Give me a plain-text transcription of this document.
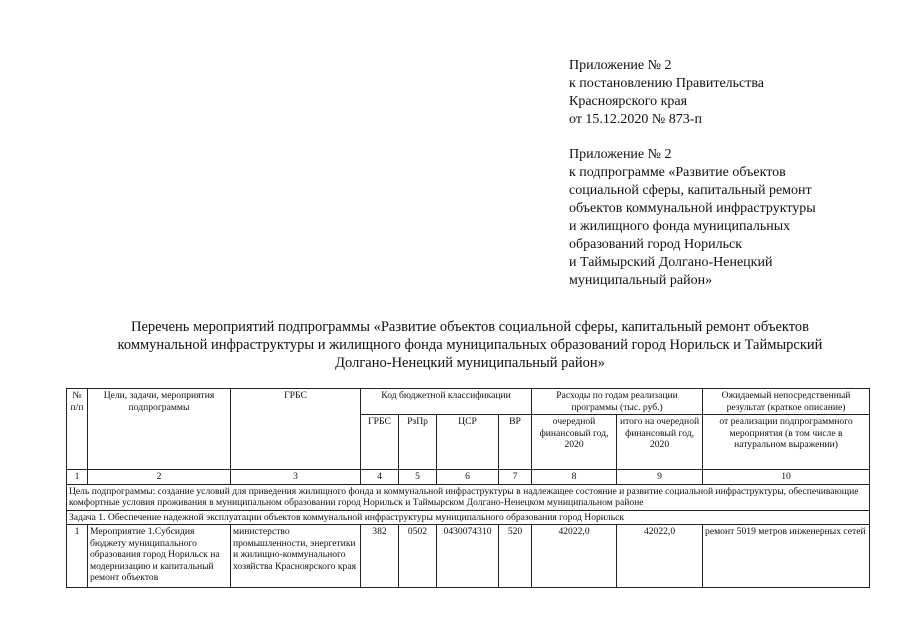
Приложение № 2
к постановлению Правительства
Красноярского края
от 15.12.2020 № 873-п
Приложение № 2
к подпрограмме «Развитие объектов
социальной сферы, капитальный ремонт
объектов коммунальной инфраструктуры
и жилищного фонда муниципальных
образований город Норильск
и Таймырский Долгано-Ненецкий
муниципальный район»
Перечень мероприятий подпрограммы «Развитие объектов социальной сферы, капитальный ремонт объектов
коммунальной инфраструктуры и жилищного фонда муниципальных образований город Норильск и Таймырский
Долгано-Ненецкий муниципальный район»
№ п/п	Цели, задачи, мероприятия подпрограммы	ГРБС	Код бюджетной классификации				Расходы по годам реализации программы (тыс. руб.)		Ожидаемый непосредственный результат (краткое описание)
			ГРБС	РзПр	ЦСР	ВР	очередной финансовый год, 2020	итого на очередной финансовый год, 2020	от реализации подпрограммного мероприятия (в том числе в натуральном выражении)
1	2	3	4	5	6	7	8	9	10
Цель подпрограммы: создание условий для приведения жилищного фонда и коммунальной инфраструктуры в надлежащее состояние и развитие социальной инфраструктуры, обеспечивающие комфортные условия проживания в муниципальном образовании город Норильск и Таймырском Долгано-Ненецком муниципальном районе									
Задача 1. Обеспечение надежной эксплуатации объектов коммунальной инфраструктуры муниципального образования город Норильск									
1	Мероприятие 1.Субсидия бюджету муниципального образования город Норильск на модернизацию и капитальный ремонт объектов	министерство промышленности, энергетики и жилищно-коммунального хозяйства Красноярского края	382	0502	0430074310	520	42022,0	42022,0	ремонт 5019 метров инженерных сетей
